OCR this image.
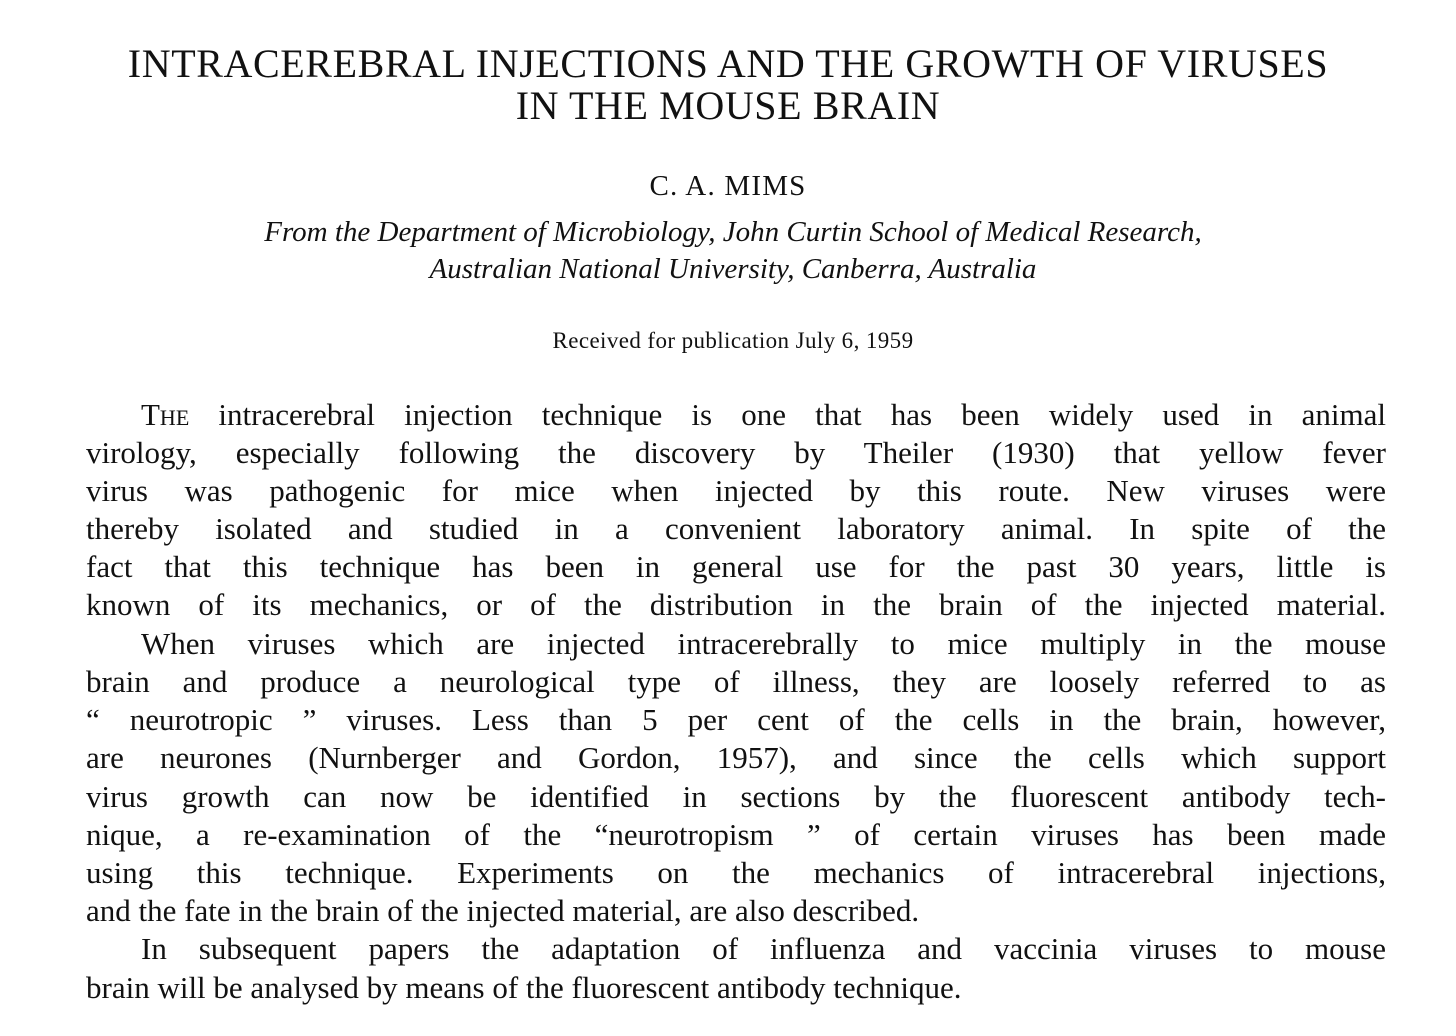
INTRACEREBRAL INJECTIONS AND THE GROWTH OF VIRUSES
IN THE MOUSE BRAIN
C. A. MIMS
From the Department of Microbiology, John Curtin School of Medical Research,
Australian National University, Canberra, Australia
Received for publication July 6, 1959
The intracerebral injection technique is one that has been widely used in animal
virology, especially following the discovery by Theiler (1930) that yellow fever
virus was pathogenic for mice when injected by this route. New viruses were
thereby isolated and studied in a convenient laboratory animal. In spite of the
fact that this technique has been in general use for the past 30 years, little is
known of its mechanics, or of the distribution in the brain of the injected material.
When viruses which are injected intracerebrally to mice multiply in the mouse
brain and produce a neurological type of illness, they are loosely referred to as
“ neurotropic ” viruses. Less than 5 per cent of the cells in the brain, however,
are neurones (Nurnberger and Gordon, 1957), and since the cells which support
virus growth can now be identified in sections by the fluorescent antibody tech-
nique, a re-examination of the “neurotropism ” of certain viruses has been made
using this technique. Experiments on the mechanics of intracerebral injections,
and the fate in the brain of the injected material, are also described.
In subsequent papers the adaptation of influenza and vaccinia viruses to mouse
brain will be analysed by means of the fluorescent antibody technique.
